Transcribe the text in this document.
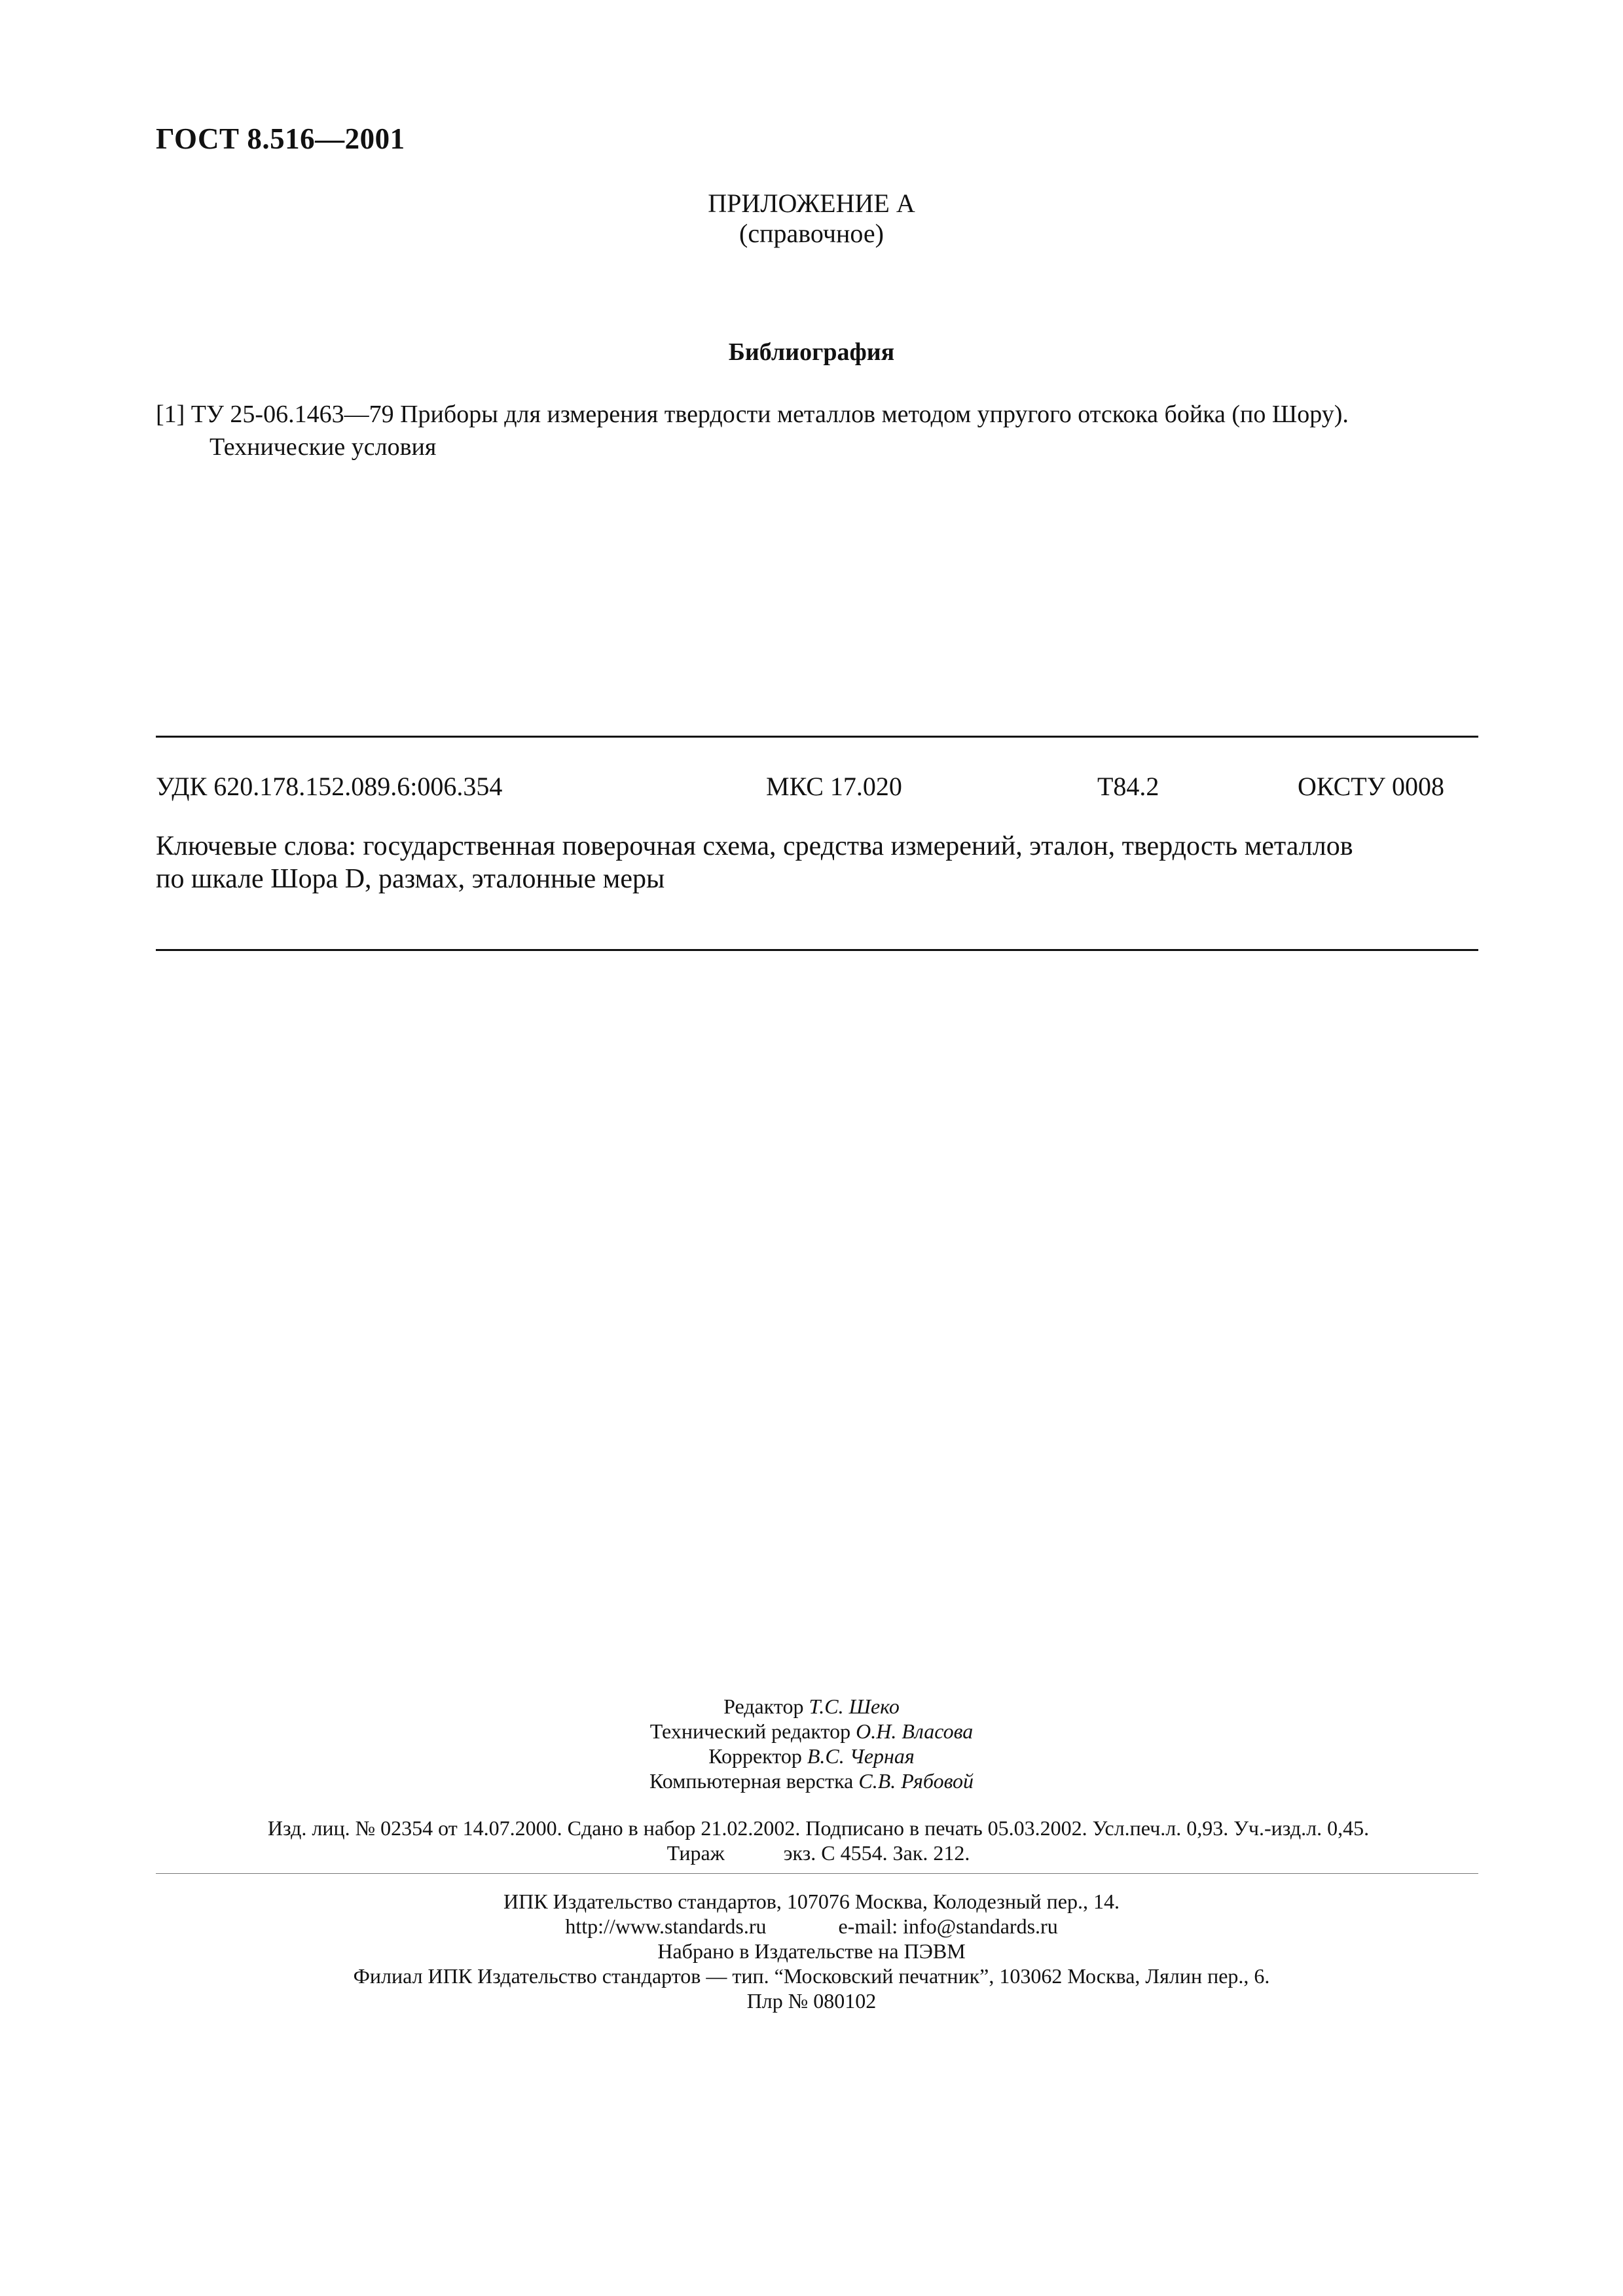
ГОСТ 8.516—2001
ПРИЛОЖЕНИЕ А
(справочное)
Библиография
[1] ТУ 25-06.1463—79 Приборы для измерения твердости металлов методом упругого отскока бойка (по Шору).
Технические условия
УДК 620.178.152.089.6:006.354	МКС 17.020	Т84.2	ОКСТУ 0008
Ключевые слова: государственная поверочная схема, средства измерений, эталон, твердость металлов
по шкале Шора D, размах, эталонные меры
Редактор Т.С. Шеко
Технический редактор О.Н. Власова
Корректор В.С. Черная
Компьютерная верстка С.В. Рябовой
Изд. лиц. № 02354 от 14.07.2000. Сдано в набор 21.02.2002. Подписано в печать 05.03.2002. Усл.печ.л. 0,93. Уч.-изд.л. 0,45.
Тираж	экз. С 4554. Зак. 212.
ИПК Издательство стандартов, 107076 Москва, Колодезный пер., 14.
http://www.standards.ru	e-mail: info@standards.ru
Набрано в Издательстве на ПЭВМ
Филиал ИПК Издательство стандартов — тип. “Московский печатник”, 103062 Москва, Лялин пер., 6.
Плр № 080102
